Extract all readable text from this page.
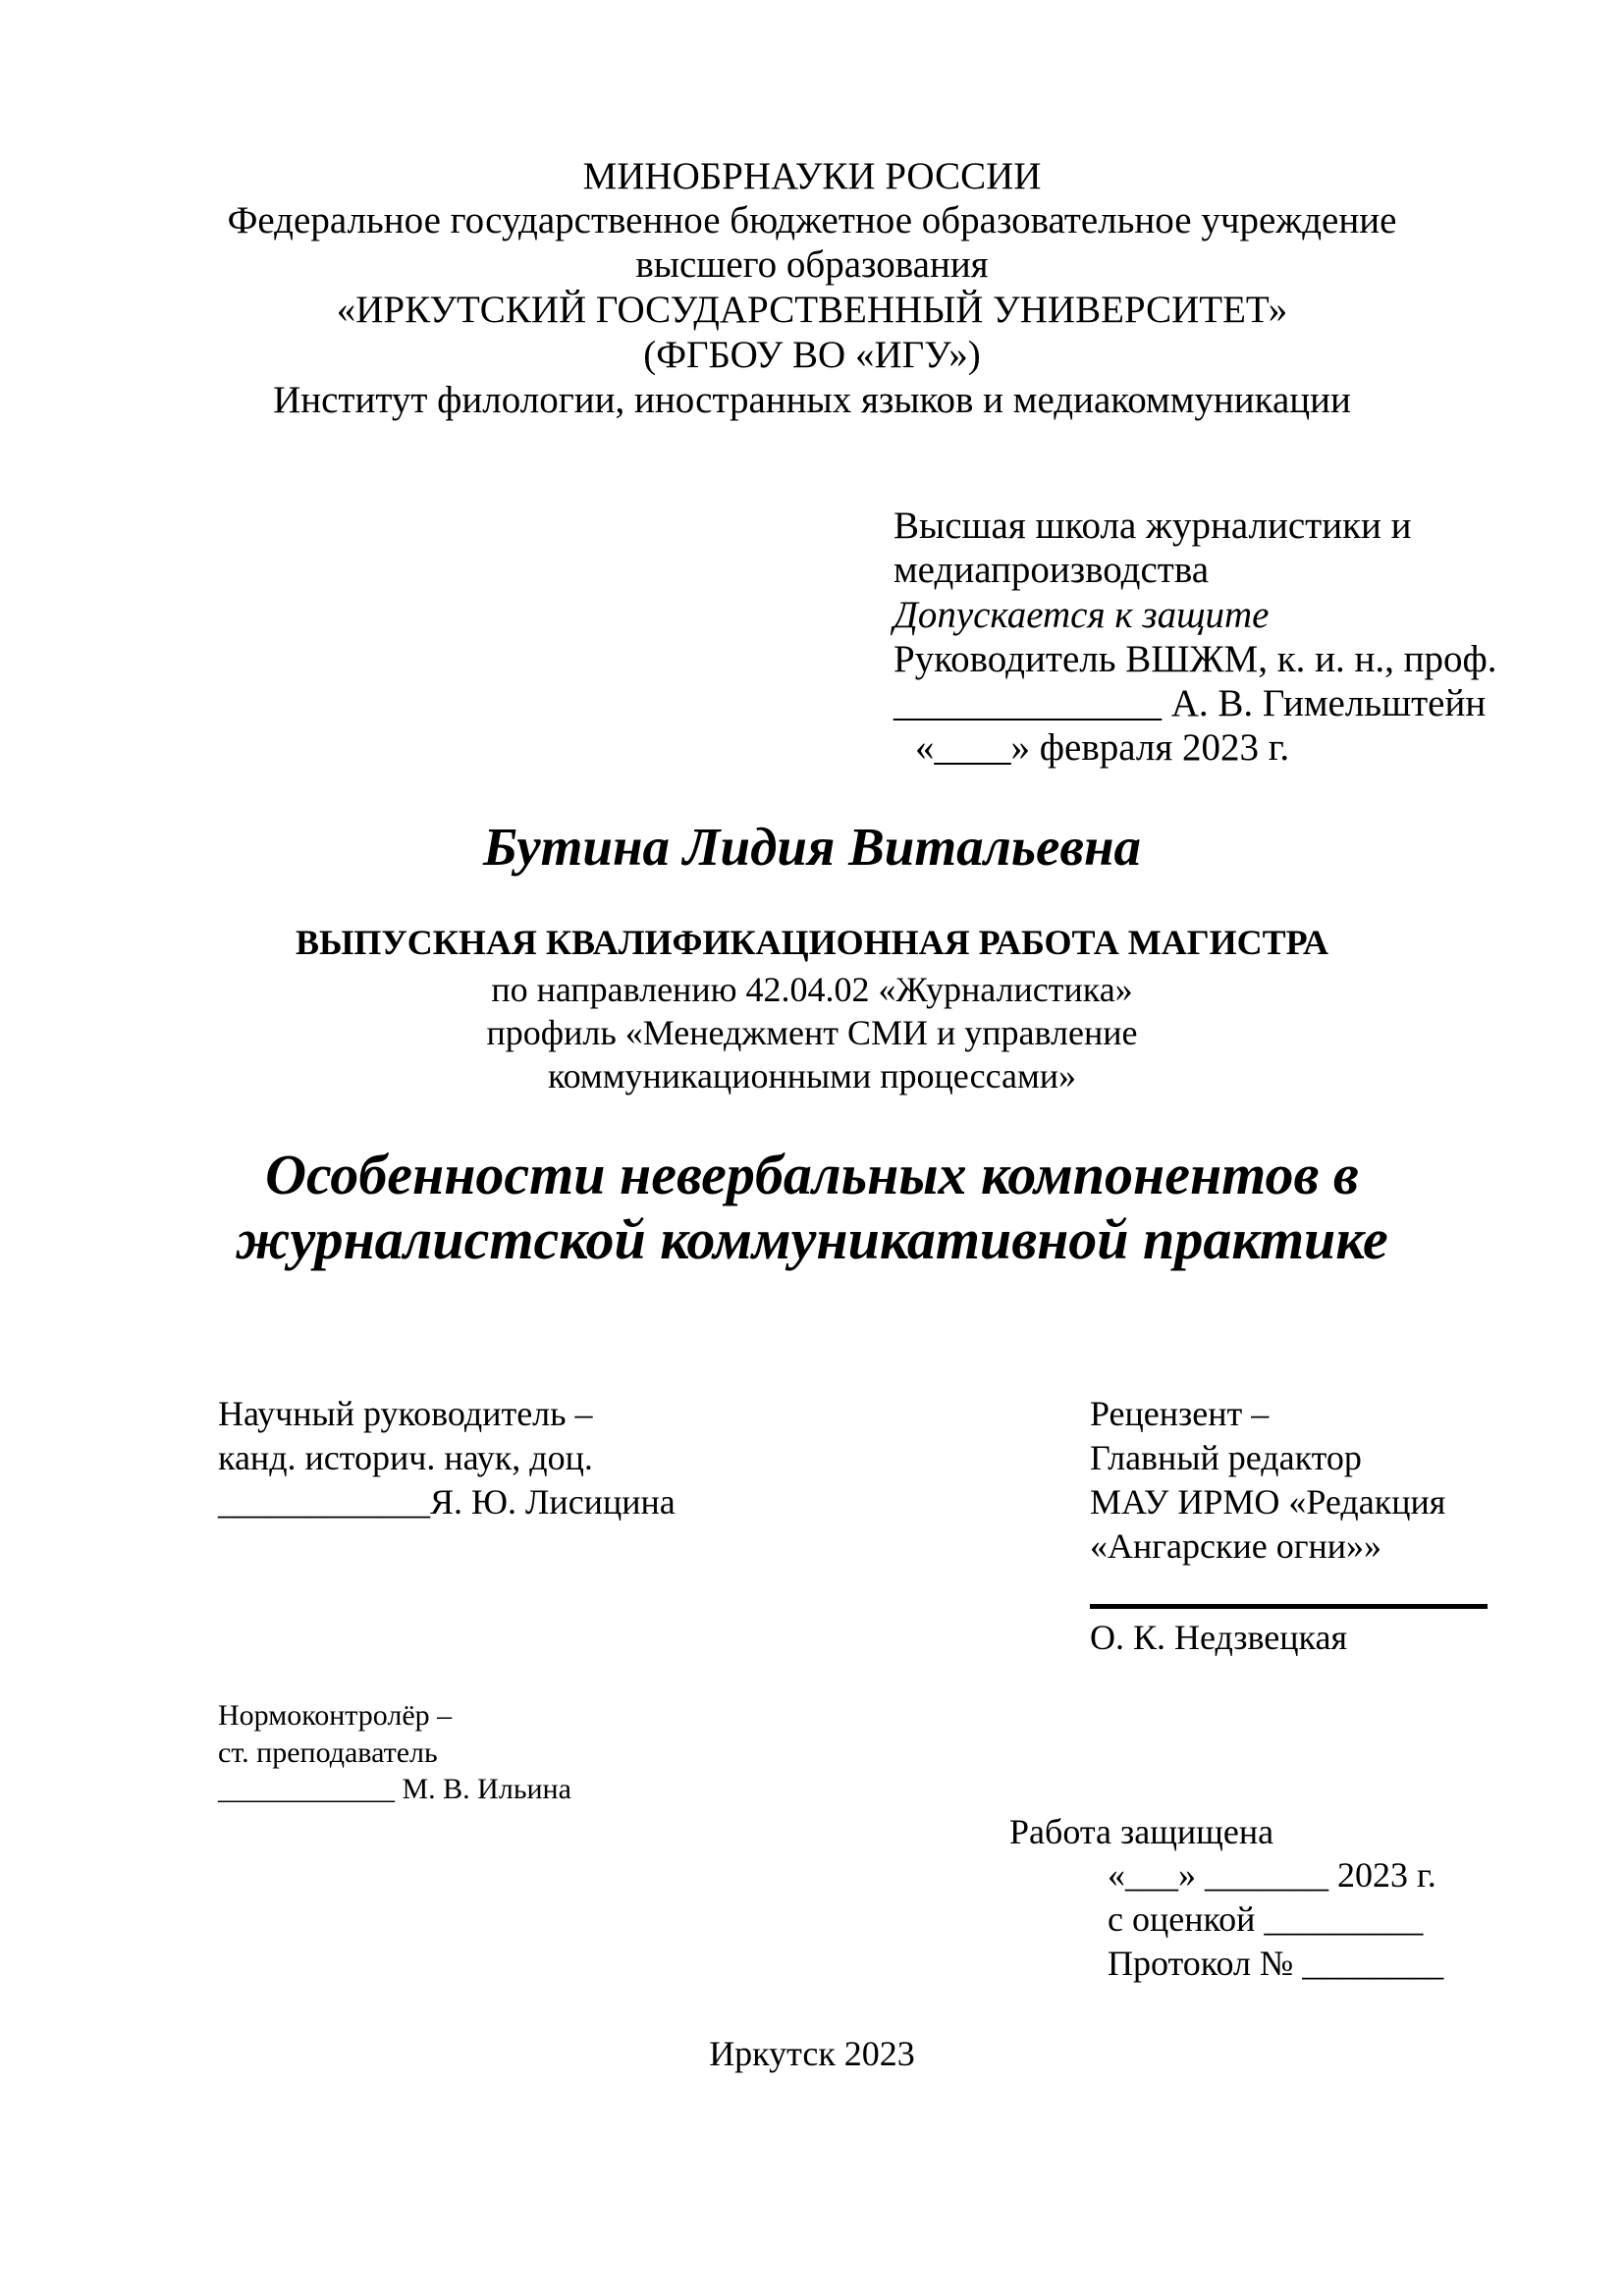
МИНОБРНАУКИ РОССИИ
Федеральное государственное бюджетное образовательное учреждение
высшего образования
«ИРКУТСКИЙ ГОСУДАРСТВЕННЫЙ УНИВЕРСИТЕТ»
(ФГБОУ ВО «ИГУ»)
Институт филологии, иностранных языков и медиакоммуникации
Высшая школа журналистики и
медиапроизводства
Допускается к защите
Руководитель ВШЖМ, к. и. н., проф.
______________ А. В. Гимельштейн
«____» февраля 2023 г.
Бутина Лидия Витальевна
ВЫПУСКНАЯ КВАЛИФИКАЦИОННАЯ РАБОТА МАГИСТРА
по направлению 42.04.02 «Журналистика»
профиль «Менеджмент СМИ и управление
коммуникационными процессами»
Особенности невербальных компонентов в
журналистской коммуникативной практике
Научный руководитель –
канд. историч. наук, доц.
____________Я. Ю. Лисицина
Рецензент –
Главный редактор
МАУ ИРМО «Редакция
«Ангарские огни»»
О. К. Недзвецкая
Нормоконтролёр –
ст. преподаватель
____________ М. В. Ильина
Работа защищена
«___» _______ 2023 г.
с оценкой _________
Протокол № ________
Иркутск 2023
